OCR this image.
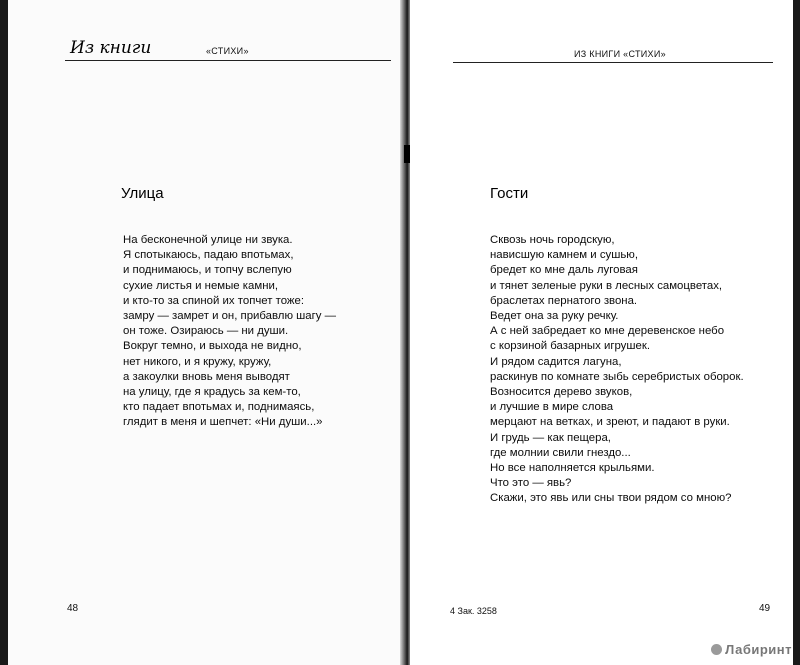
Из книги	«СТИХИ»
Улица
На бесконечной улице ни звука.
Я спотыкаюсь, падаю впотьмах,
и поднимаюсь, и топчу вслепую
сухие листья и немые камни,
и кто-то за спиной их топчет тоже:
замру — замрет и он, прибавлю шагу —
он тоже. Озираюсь — ни души.
Вокруг темно, и выхода не видно,
нет никого, и я кружу, кружу,
а закоулки вновь меня выводят
на улицу, где я крадусь за кем-то,
кто падает впотьмах и, поднимаясь,
глядит в меня и шепчет: «Ни души...»
48
ИЗ КНИГИ «СТИХИ»
Гости
Сквозь ночь городскую,
нависшую камнем и сушью,
бредет ко мне даль луговая
и тянет зеленые руки в лесных самоцветах,
браслетах пернатого звона.
Ведет она за руку речку.
А с ней забредает ко мне деревенское небо
с корзиной базарных игрушек.
И рядом садится лагуна,
раскинув по комнате зыбь серебристых оборок.
Возносится дерево звуков,
и лучшие в мире слова
мерцают на ветках, и зреют, и падают в руки.
И грудь — как пещера,
где молнии свили гнездо...
Но все наполняется крыльями.
Что это — явь?
Скажи, это явь или сны твои рядом со мною?
4 Зак. 3258	49
Лабиринт
